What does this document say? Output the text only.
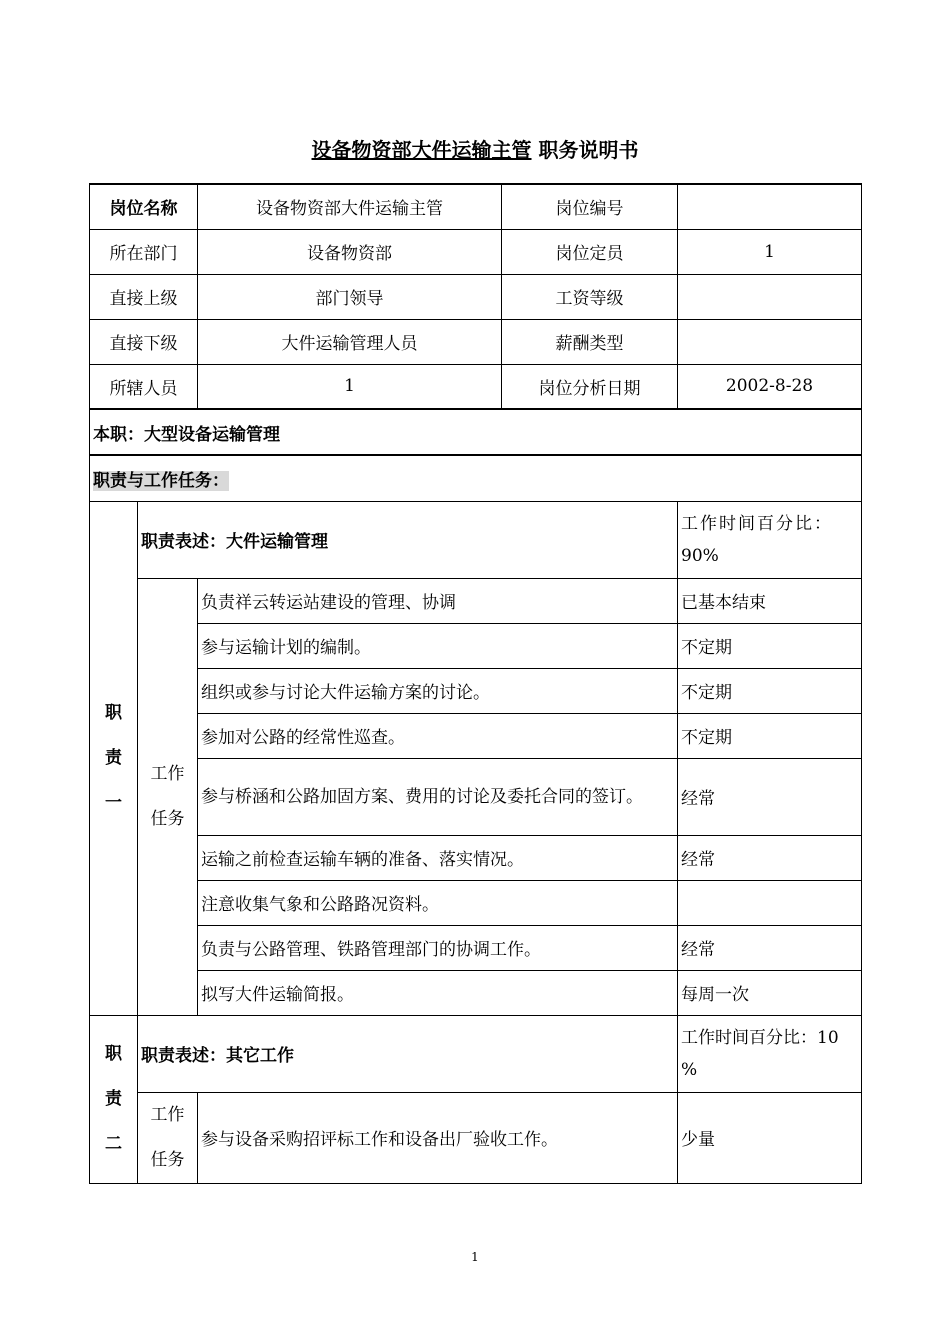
设备物资部大件运输主管 职务说明书
岗位名称		设备物资部大件运输主管	岗位编号	
所在部门		设备物资部	岗位定员	1
直接上级		部门领导	工资等级	
直接下级		大件运输管理人员	薪酬类型	
所辖人员		1	岗位分析日期	2002-8-28
本职：大型设备运输管理				
职责与工作任务：				
职
责
一	职责表述：大件运输管理			工作时间百分比：
90%
	工作
任务	负责祥云转运站建设的管理、协调		已基本结束
		参与运输计划的编制。		不定期
		组织或参与讨论大件运输方案的讨论。		不定期
		参加对公路的经常性巡查。		不定期
		参与桥涵和公路加固方案、费用的讨论及委托合同的签订。		经常
		运输之前检查运输车辆的准备、落实情况。		经常
		注意收集气象和公路路况资料。		
		负责与公路管理、铁路管理部门的协调工作。		经常
		拟写大件运输简报。		每周一次
职
责
二	职责表述：其它工作			工作时间百分比：10
%
	工作
任务	参与设备采购招评标工作和设备出厂验收工作。		少量
1
